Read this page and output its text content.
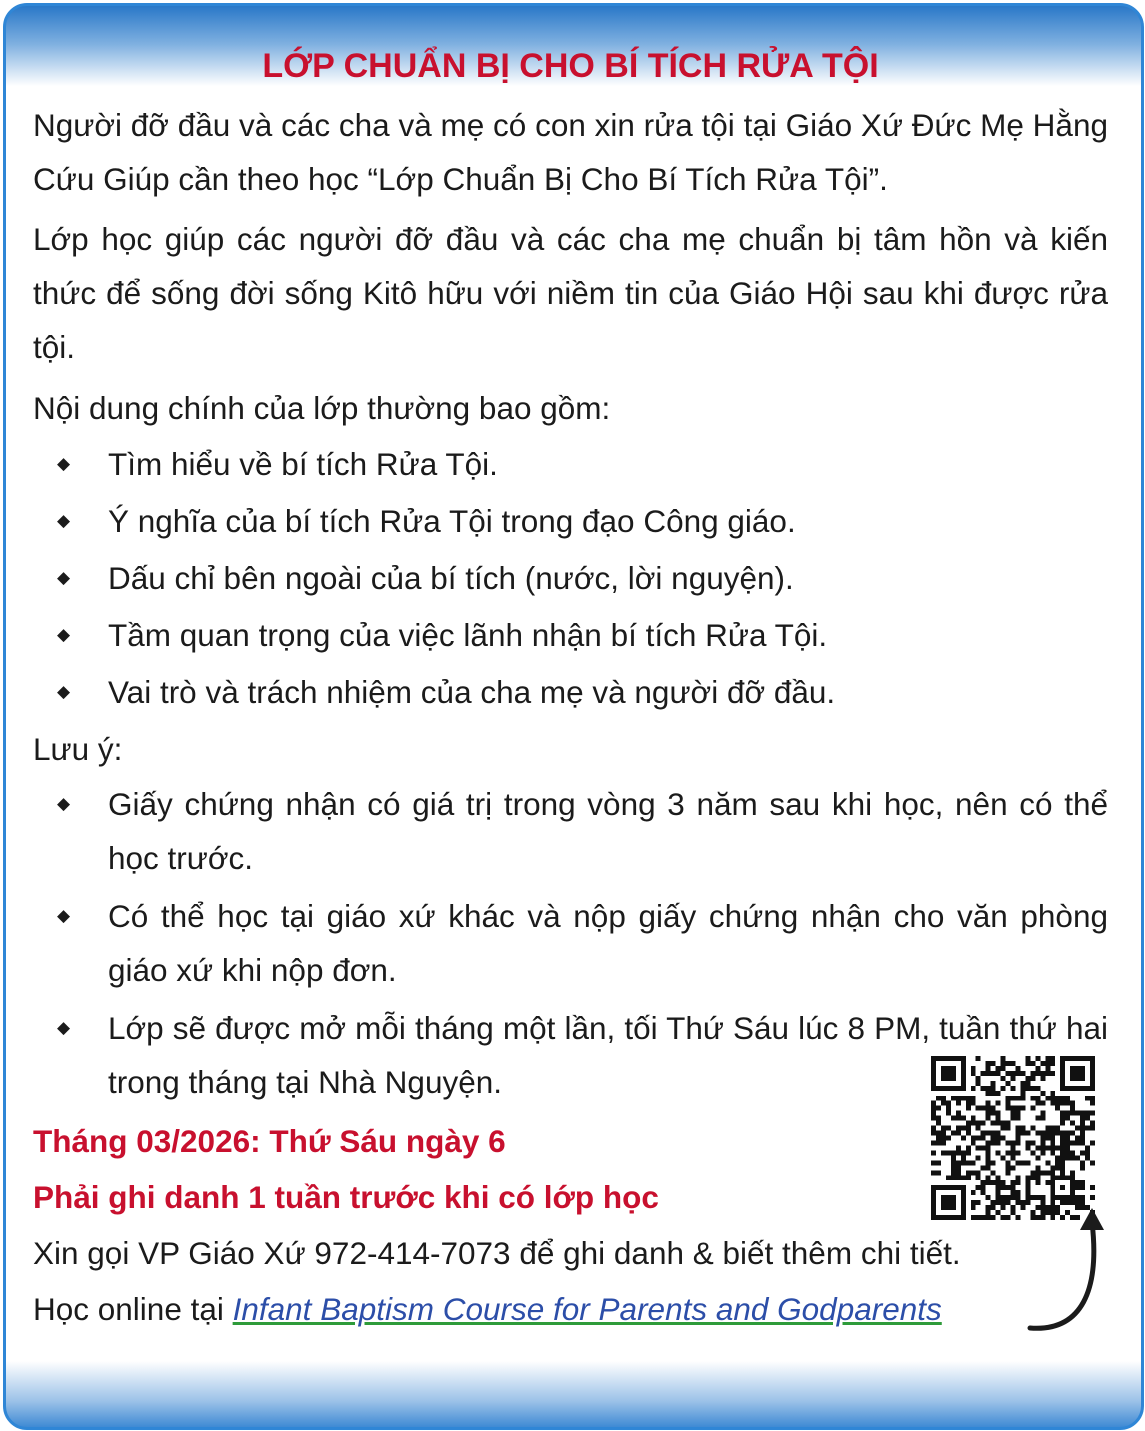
LỚP CHUẨN BỊ CHO BÍ TÍCH RỬA TỘI

Người đỡ đầu và các cha và mẹ có con xin rửa tội tại Giáo Xứ Đức Mẹ Hằng Cứu Giúp cần theo học “Lớp Chuẩn Bị Cho Bí Tích Rửa Tội”.

Lớp học giúp các người đỡ đầu và các cha mẹ chuẩn bị tâm hồn và kiến thức để sống đời sống Kitô hữu với niềm tin của Giáo Hội sau khi được rửa tội.

Nội dung chính của lớp thường bao gồm:
◆ Tìm hiểu về bí tích Rửa Tội.
◆ Ý nghĩa của bí tích Rửa Tội trong đạo Công giáo.
◆ Dấu chỉ bên ngoài của bí tích (nước, lời nguyện).
◆ Tầm quan trọng của việc lãnh nhận bí tích Rửa Tội.
◆ Vai trò và trách nhiệm của cha mẹ và người đỡ đầu.
Lưu ý:
◆ Giấy chứng nhận có giá trị trong vòng 3 năm sau khi học, nên có thể học trước.

◆ Có thể học tại giáo xứ khác và nộp giấy chứng nhận cho văn phòng giáo xứ khi nộp đơn.

◆ Lớp sẽ được mở mỗi tháng một lần, tối Thứ Sáu lúc 8 PM, tuần thứ hai trong tháng tại Nhà Nguyện.

Tháng 03/2026: Thứ Sáu ngày 6
Phải ghi danh 1 tuần trước khi có lớp học
Xin gọi VP Giáo Xứ 972-414-7073 để ghi danh & biết thêm chi tiết.
Học online tại Infant Baptism Course for Parents and Godparents
